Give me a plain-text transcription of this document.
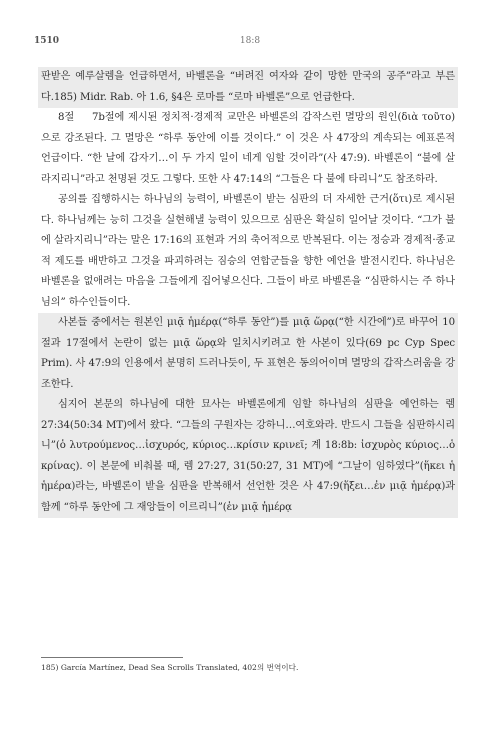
1510	18:8

판받은 예루살렘을 언급하면서, 바벨론을 “버려진 여자와 같이 망한 만국의 공주”라고 부른다.185) Midr. Rab. 아 1.6, §4은 로마를 “로마 바벨론”으로 언급한다.

8절 7b절에 제시된 정치적·경제적 교만은 바벨론의 갑작스런 멸망의 원인(διὰ τοῦτο)으로 강조된다. 그 멸망은 “하루 동안에 이를 것이다.” 이 것은 사 47장의 계속되는 예표론적 언급이다. “한 날에 갑자기…이 두 가지 일이 네게 임할 것이라”(사 47:9). 바벨론이 “불에 살라지리니”라고 천명된 것도 그렇다. 또한 사 47:14의 “그들은 다 불에 타리니”도 참조하라.

공의를 집행하시는 하나님의 능력이, 바벨론이 받는 심판의 더 자세한 근거(ὅτι)로 제시된다. 하나님께는 능히 그것을 실현해낼 능력이 있으므로 심판은 확실히 일어날 것이다. “그가 불에 살라지리니”라는 말은 17:16의 표현과 거의 축어적으로 반복된다. 이는 정승과 경제적·종교적 제도를 배반하고 그것을 파괴하려는 짐승의 연합군들을 향한 예언을 발전시킨다. 하나님은 바벨론을 없애려는 마음을 그들에게 집어넣으신다. 그들이 바로 바벨론을 “심판하시는 주 하나님의” 하수인들이다.

사본들 중에서는 원본인 μιᾷ ἡμέρᾳ(“하루 동안”)를 μιᾷ ὥρᾳ(“한 시간에”)로 바꾸어 10절과 17절에서 논란이 없는 μιᾷ ὥρᾳ와 일치시키려고 한 사본이 있다(69 pc Cyp Spec Prim). 사 47:9의 인용에서 분명히 드러나듯이, 두 표현은 동의어이며 멸망의 갑작스러움을 강조한다.

심지어 본문의 하나님에 대한 묘사는 바벨론에게 임할 하나님의 심판을 예언하는 렘 27:34(50:34 MT)에서 왔다. “그들의 구원자는 강하니…여호와라. 반드시 그들을 심판하시리니”(ὁ λυτρούμενος…ἰσχυρός, κύριος…κρίσιν κρινεῖ; 계 18:8b: ἰσχυρὸς κύριος…ὁ κρίνας). 이 본문에 비춰볼 때, 렘 27:27, 31(50:27, 31 MT)에 “그날이 임하였다”(ἥκει ἡ ἡμέρα)라는, 바벨론이 받을 심판을 반복해서 선언한 것은 사 47:9(ἥξει…ἐν μιᾷ ἡμέρᾳ)과 함께 “하루 동안에 그 재앙들이 이르리니”(ἐν μιᾷ ἡμέρᾳ

185) García Martínez, Dead Sea Scrolls Translated, 402의 번역이다.
